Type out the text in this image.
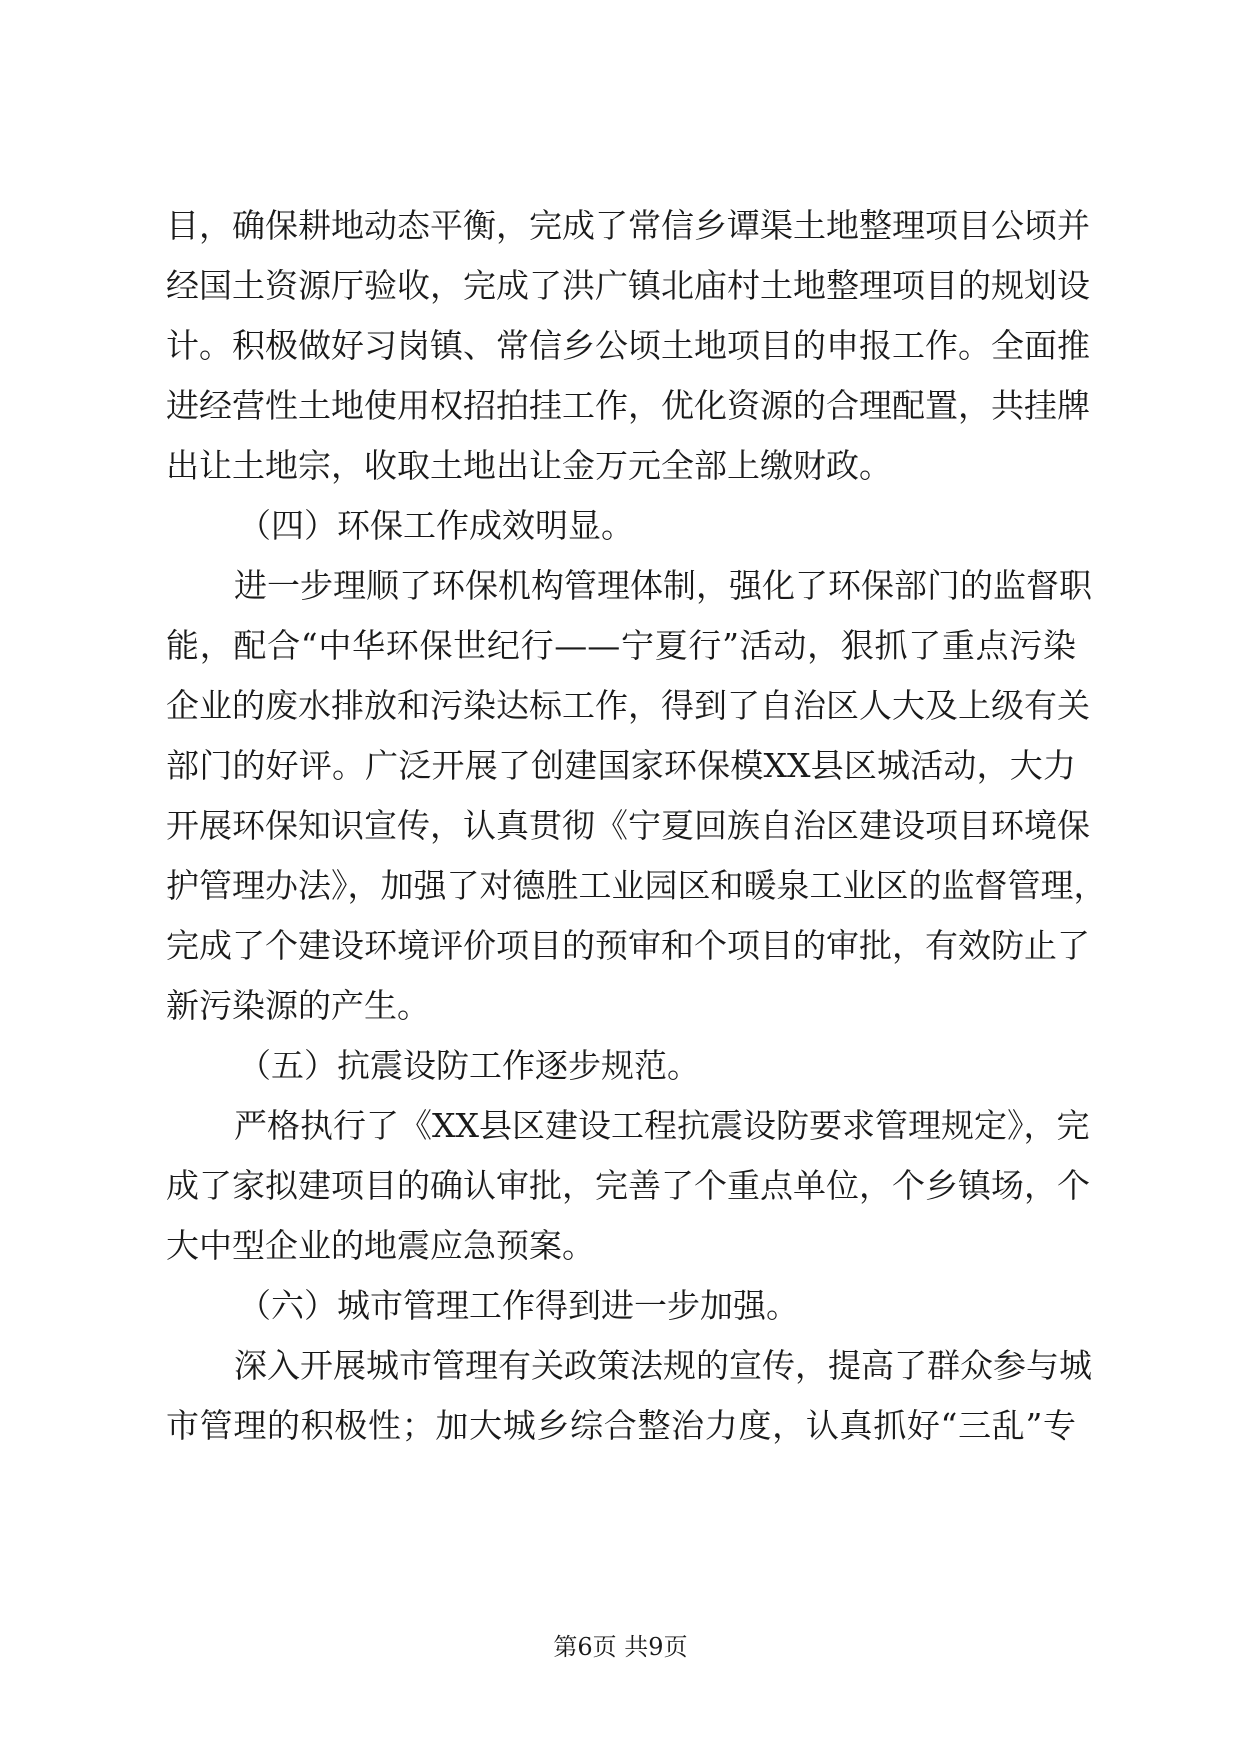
目，确保耕地动态平衡，完成了常信乡谭渠土地整理项目公顷并
经国土资源厅验收，完成了洪广镇北庙村土地整理项目的规划设
计。积极做好习岗镇、常信乡公顷土地项目的申报工作。全面推
进经营性土地使用权招拍挂工作，优化资源的合理配置，共挂牌
出让土地宗，收取土地出让金万元全部上缴财政。
（四）环保工作成效明显。
进一步理顺了环保机构管理体制，强化了环保部门的监督职
能，配合“中华环保世纪行——宁夏行”活动，狠抓了重点污染
企业的废水排放和污染达标工作，得到了自治区人大及上级有关
部门的好评。广泛开展了创建国家环保模XX县区城活动，大力
开展环保知识宣传，认真贯彻《宁夏回族自治区建设项目环境保
护管理办法》，加强了对德胜工业园区和暖泉工业区的监督管理，
完成了个建设环境评价项目的预审和个项目的审批，有效防止了
新污染源的产生。
（五）抗震设防工作逐步规范。
严格执行了《XX县区建设工程抗震设防要求管理规定》，完
成了家拟建项目的确认审批，完善了个重点单位，个乡镇场，个
大中型企业的地震应急预案。
（六）城市管理工作得到进一步加强。
深入开展城市管理有关政策法规的宣传，提高了群众参与城
市管理的积极性；加大城乡综合整治力度，认真抓好“三乱”专
第6页 共9页
